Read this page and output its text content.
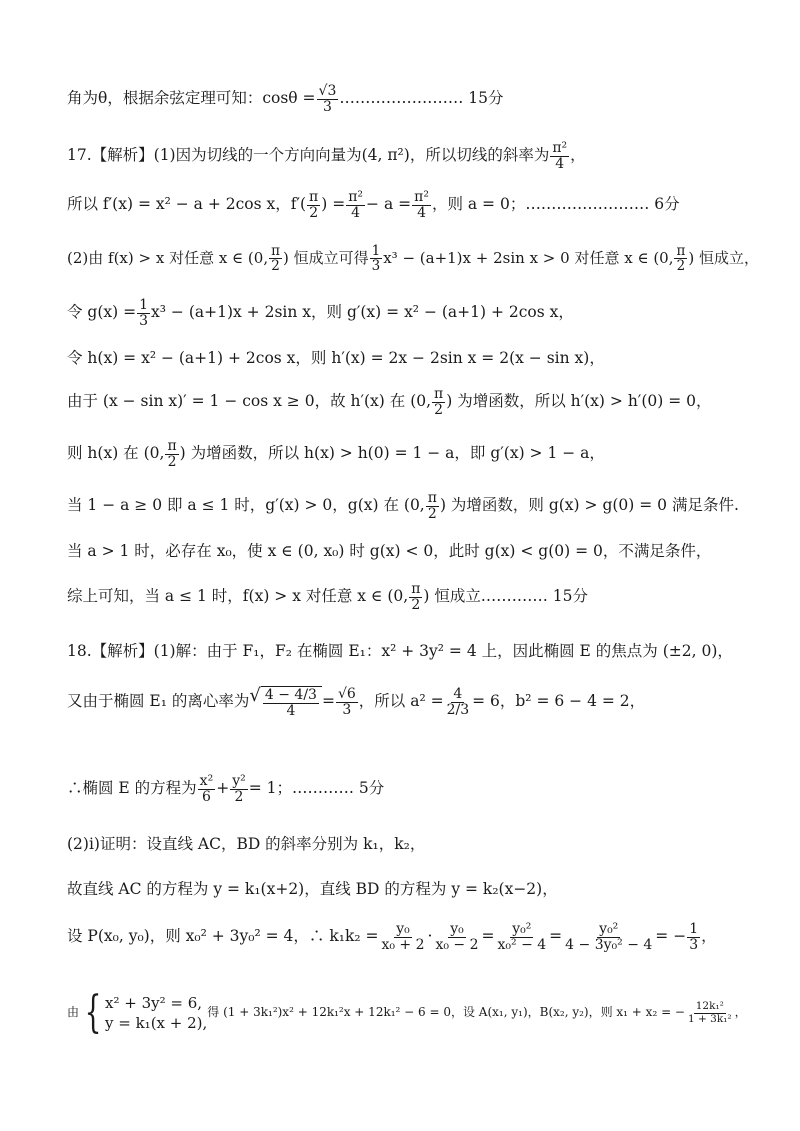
角为θ，根据余弦定理可知：$\cos\theta = \frac{√3}{3}$ …………………… 15分
17.【解析】(1)因为切线的一个方向向量为(4, π²)，所以切线的斜率为 $\frac{\text{π²}}{4}$ ，
所以 f′(x) = x² − a + 2cos x，$f'( \frac{\pi}{2}$ ) = $\frac{\text{π²}}{4} - a = \frac{\text{π²}}{4}$ ，则 a = 0；…………………… 6分
(2)由 f(x) > x 对任意 x ∈ (0, $\frac{\pi}{2}$ ) 恒成立可得 $\frac{1}{3} x^3 - (a+1)x + 2\sin$ x > 0 对任意 x ∈ (0, $\frac{\pi}{2}$ ) 恒成立，
令 $g(x) = \frac{1}{3} x^3 - (a+1)x + 2\sin$ x，则 g′(x) = x² − (a+1) + 2cos x，
令 h(x) = x² − (a+1) + 2cos x，则 h′(x) = 2x − 2sin x = 2(x − sin x)，
由于 (x − sin x)′ = 1 − cos x ≥ 0，故 h′(x) 在 (0, $\frac{\pi}{2}$ ) 为增函数，所以 h′(x) > h′(0) = 0，
则 h(x) 在 (0, $\frac{\pi}{2}$ ) 为增函数，所以 h(x) > h(0) = 1 − a，即 g′(x) > 1 − a，
当 1 − a ≥ 0 即 a ≤ 1 时，g′(x) > 0，g(x) 在 (0, $\frac{\pi}{2}$ ) 为增函数，则 g(x) > g(0) = 0 满足条件.
当 a > 1 时，必存在 x₀，使 x ∈ (0, x₀) 时 g(x) < 0，此时 g(x) < g(0) = 0，不满足条件，
综上可知，当 a ≤ 1 时，f(x) > x 对任意 x ∈ (0, $\frac{\pi}{2}$ ) 恒成立.………… 15分
18.【解析】(1)解：由于 F₁，F₂ 在椭圆 E₁：x² + 3y² = 4 上，因此椭圆 E 的焦点为 (±2, 0)，
又由于椭圆 E₁ 的离心率为 √ $\frac{4 - 4/3}{4} = \frac{√6}{3}$ ，所以 $a^2 = \frac{4}{2/3} = 6$，b² = 6 − 4 = 2，
∴椭圆 E 的方程为 $\frac{\text{x²}}{6} + \frac{\text{y²}}{2} = 1$；………… 5分
(2)i)证明：设直线 AC，BD 的斜率分别为 k₁，k₂，
故直线 AC 的方程为 y = k₁(x+2)，直线 BD 的方程为 y = k₂(x−2)，
设 P(x₀, y₀)，则 x₀² + 3y₀² = 4，∴ $k_1k_2 = \frac{\text{y₀}}{\text{x₀ + 2}} \cdot \frac{\text{y₀}}{\text{x₀ − 2}} = \frac{\text{y₀²}}{\text{x₀² − 4}} = \frac{\text{y₀²}}{\text{4 − 3y₀² − 4}}$ = − $\frac{1}{3}$ ，
由 { x² + 3y² = 6,
y = k₁(x + 2),
得 (1 + 3k₁²)x² + 12k₁²x + 12k₁² − 6 = 0，设 A(x₁, y₁)，B(x₂, y₂)，则 x₁ + x₂ = − $\frac{\text{12k₁²}}{\text{1 + 3k₁²}}$ ，
